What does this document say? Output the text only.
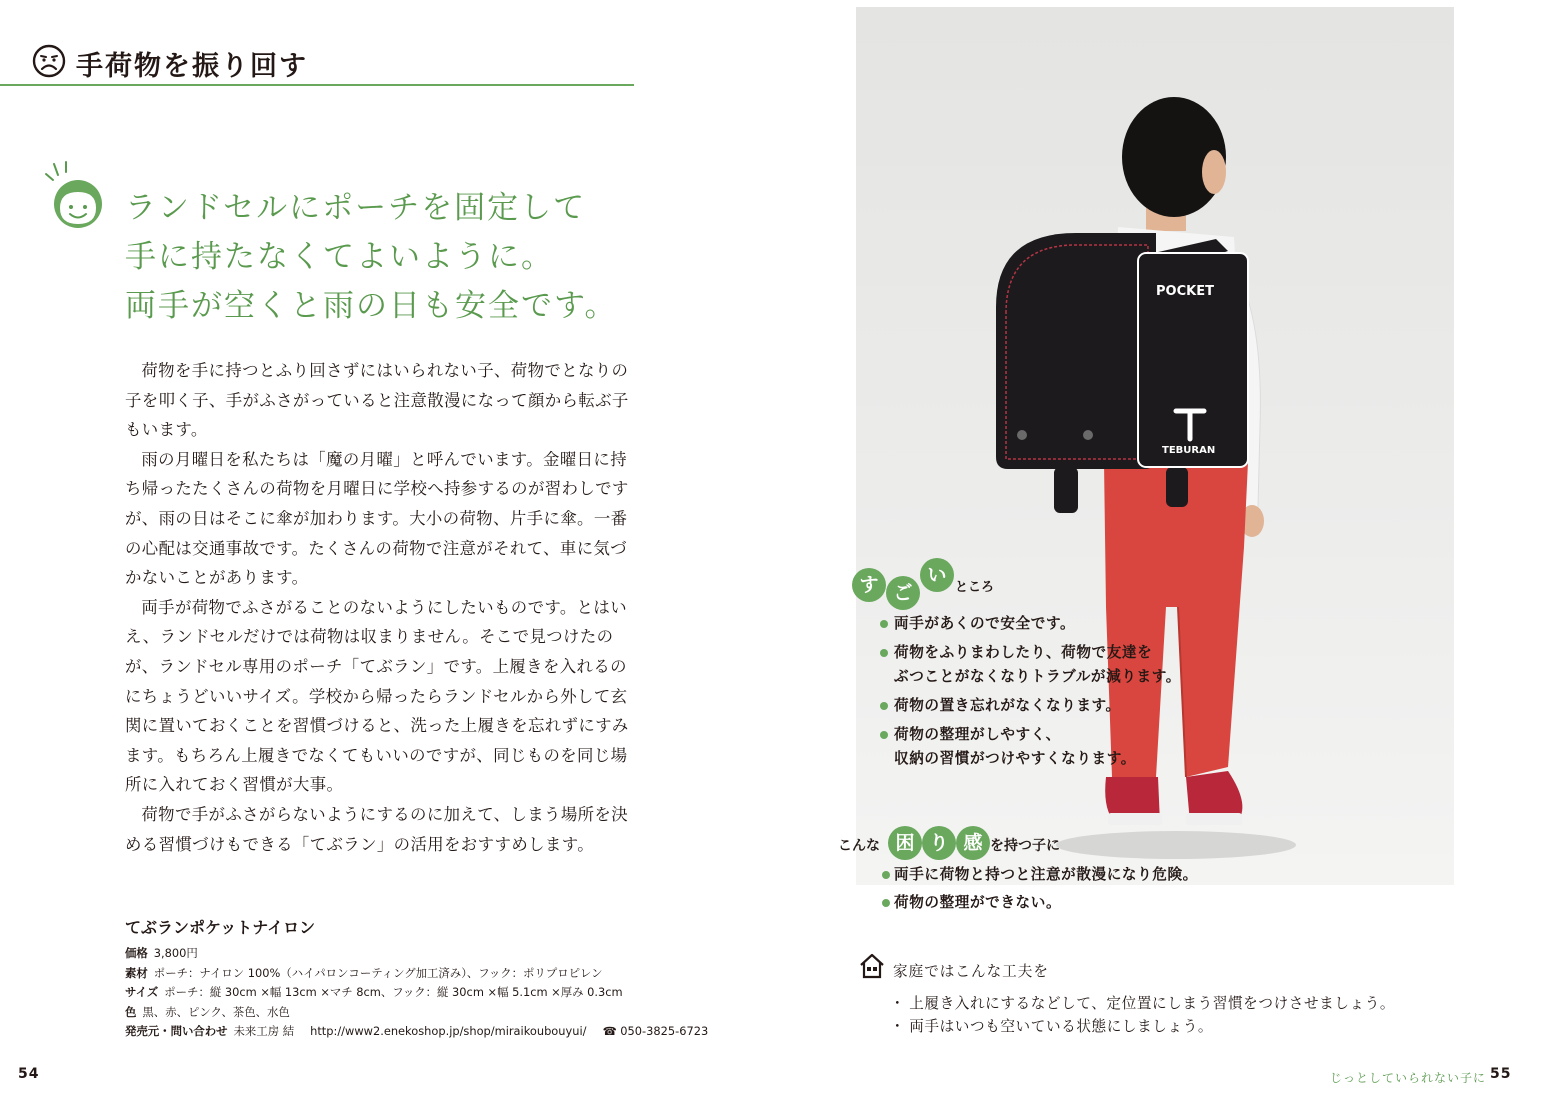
手荷物を振り回す
ランドセルにポーチを固定して
手に持たなくてよいように。
両手が空くと雨の日も安全です。

荷物を手に持つとふり回さずにはいられない子、荷物でとなりの子を叩く子、手がふさがっていると注意散漫になって顔から転ぶ子もいます。

雨の月曜日を私たちは「魔の月曜」と呼んでいます。金曜日に持ち帰ったたくさんの荷物を月曜日に学校へ持参するのが習わしですが、雨の日はそこに傘が加わります。大小の荷物、片手に傘。一番の心配は交通事故です。たくさんの荷物で注意がそれて、車に気づかないことがあります。

両手が荷物でふさがることのないようにしたいものです。とはいえ、ランドセルだけでは荷物は収まりません。そこで見つけたのが、ランドセル専用のポーチ「てぶラン」です。上履きを入れるのにちょうどいいサイズ。学校から帰ったらランドセルから外して玄関に置いておくことを習慣づけると、洗った上履きを忘れずにすみます。もちろん上履きでなくてもいいのですが、同じものを同じ場所に入れておく習慣が大事。

荷物で手がふさがらないようにするのに加えて、しまう場所を決める習慣づけもできる「てぶラン」の活用をおすすめします。

てぶランポケットナイロン
価格 3,800円
素材 ポーチ：ナイロン 100%（ハイパロンコーティング加工済み）、フック：ポリプロピレン
サイズ ポーチ：縦 30cm ×幅 13cm ×マチ 8cm、フック：縦 30cm ×幅 5.1cm ×厚み 0.3cm
色 黒、赤、ピンク、茶色、水色
発売元・問い合わせ 未来工房 結 http://www2.enekoshop.jp/shop/miraikoubouyui/ ☎ 050-3825-6723
54
POCKET
TEBURAN
す ご
い
ところ
両手があくので安全です。
荷物をふりまわしたり、荷物で友達を
ぶつことがなくなりトラブルが減ります。
荷物の置き忘れがなくなります。
荷物の整理がしやすく、
収納の習慣がつけやすくなります。
こんな 困 り 感 を持つ子に
両手に荷物と持つと注意が散漫になり危険。
荷物の整理ができない。
家庭ではこんな工夫を
・ 上履き入れにするなどして、定位置にしまう習慣をつけさせましょう。
・ 両手はいつも空いている状態にしましょう。
じっとしていられない子に 55
